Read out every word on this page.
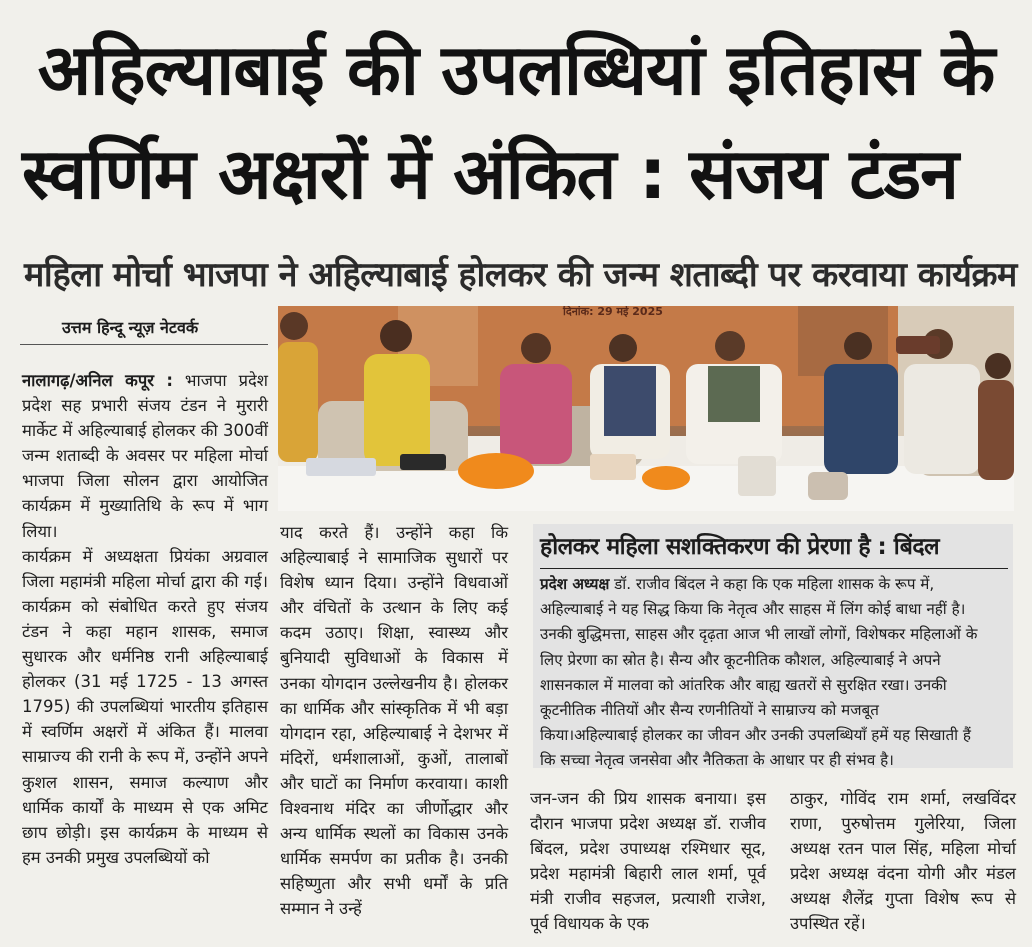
अहिल्याबाई की उपलब्धियां इतिहास के
स्वर्णिम अक्षरों में अंकित : संजय टंडन
महिला मोर्चा भाजपा ने अहिल्याबाई होलकर की जन्म शताब्दी पर करवाया कार्यक्रम
उत्तम हिन्दू न्यूज़ नेटवर्क

नालागढ़/अनिल कपूर : भाजपा प्रदेश प्रदेश सह प्रभारी संजय टंडन ने मुरारी मार्केट में अहिल्याबाई होलकर की 300वीं जन्म शताब्दी के अवसर पर महिला मोर्चा भाजपा जिला सोलन द्वारा आयोजित कार्यक्रम में मुख्यातिथि के रूप में भाग लिया।

कार्यक्रम में अध्यक्षता प्रियंका अग्रवाल जिला महामंत्री महिला मोर्चा द्वारा की गई। कार्यक्रम को संबोधित करते हुए संजय टंडन ने कहा महान शासक, समाज सुधारक और धर्मनिष्ठ रानी अहिल्याबाई होलकर (31 मई 1725 - 13 अगस्त 1795) की उपलब्धियां भारतीय इतिहास में स्वर्णिम अक्षरों में अंकित हैं। मालवा साम्राज्य की रानी के रूप में, उन्होंने अपने कुशल शासन, समाज कल्याण और धार्मिक कार्यों के माध्यम से एक अमिट छाप छोड़ी। इस कार्यक्रम के माध्यम से हम उनकी प्रमुख उपलब्धियों को

दिनांक: 29 मई 2025

याद करते हैं। उन्होंने कहा कि अहिल्याबाई ने सामाजिक सुधारों पर विशेष ध्यान दिया। उन्होंने विधवाओं और वंचितों के उत्थान के लिए कई कदम उठाए। शिक्षा, स्वास्थ्य और बुनियादी सुविधाओं के विकास में उनका योगदान उल्लेखनीय है। होलकर का धार्मिक और सांस्कृतिक में भी बड़ा योगदान रहा, अहिल्याबाई ने देशभर में मंदिरों, धर्मशालाओं, कुओं, तालाबों और घाटों का निर्माण करवाया। काशी विश्वनाथ मंदिर का जीर्णोद्धार और अन्य धार्मिक स्थलों का विकास उनके धार्मिक समर्पण का प्रतीक है। उनकी सहिष्णुता और सभी धर्मों के प्रति सम्मान ने उन्हें

होलकर महिला सशक्तिकरण की प्रेरणा है : बिंदल

प्रदेश अध्यक्ष डॉ. राजीव बिंदल ने कहा कि एक महिला शासक के रूप में,

अहिल्याबाई ने यह सिद्ध किया कि नेतृत्व और साहस में लिंग कोई बाधा नहीं है।

उनकी बुद्धिमत्ता, साहस और दृढ़ता आज भी लाखों लोगों, विशेषकर महिलाओं के

लिए प्रेरणा का स्रोत है। सैन्य और कूटनीतिक कौशल, अहिल्याबाई ने अपने

शासनकाल में मालवा को आंतरिक और बाह्य खतरों से सुरक्षित रखा। उनकी

कूटनीतिक नीतियों और सैन्य रणनीतियों ने साम्राज्य को मजबूत

किया।अहिल्याबाई होलकर का जीवन और उनकी उपलब्धियाँ हमें यह सिखाती हैं

कि सच्चा नेतृत्व जनसेवा और नैतिकता के आधार पर ही संभव है।

जन-जन की प्रिय शासक बनाया। इस दौरान भाजपा प्रदेश अध्यक्ष डॉ. राजीव बिंदल, प्रदेश उपाध्यक्ष रश्मिधार सूद, प्रदेश महामंत्री बिहारी लाल शर्मा, पूर्व मंत्री राजीव सहजल, प्रत्याशी राजेश, पूर्व विधायक के एक

ठाकुर, गोविंद राम शर्मा, लखविंदर राणा, पुरुषोत्तम गुलेरिया, जिला अध्यक्ष रतन पाल सिंह, महिला मोर्चा प्रदेश अध्यक्ष वंदना योगी और मंडल अध्यक्ष शैलेंद्र गुप्ता विशेष रूप से उपस्थित रहें।
